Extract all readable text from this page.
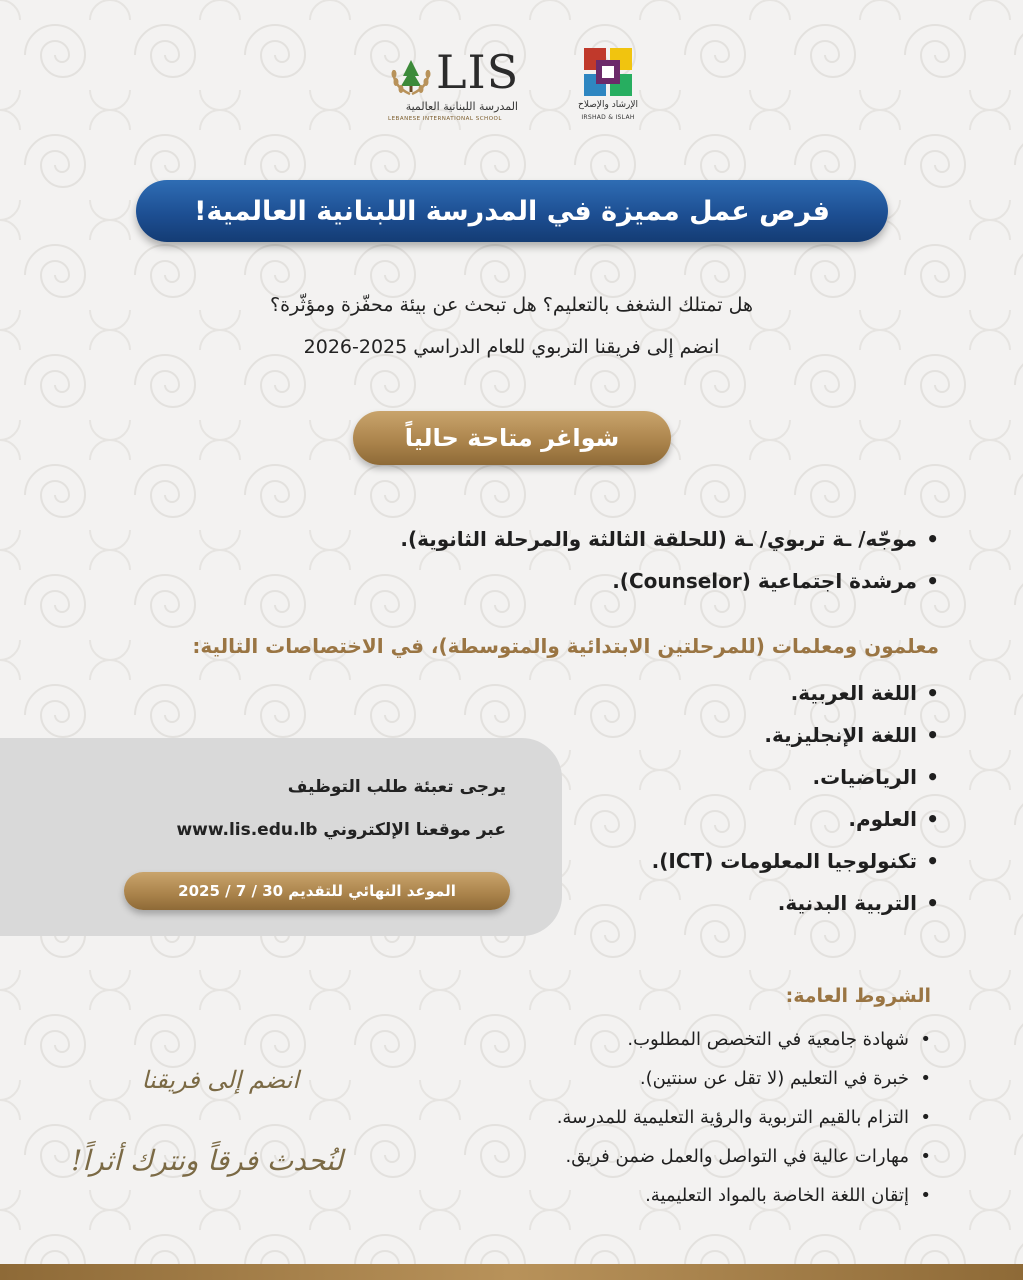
LIS
المدرسة اللبنانية العالمية
LEBANESE INTERNATIONAL SCHOOL
الإرشاد والإصلاح
IRSHAD & ISLAH
فرص عمل مميزة في المدرسة اللبنانية العالمية!
هل تمتلك الشغف بالتعليم؟ هل تبحث عن بيئة محفّزة ومؤثّرة؟
انضم إلى فريقنا التربوي للعام الدراسي 2025-2026
شواغر متاحة حالياً
• موجّه/ ـة تربوي/ ـة (للحلقة الثالثة والمرحلة الثانوية).
• مرشدة اجتماعية (Counselor).
معلمون ومعلمات (للمرحلتين الابتدائية والمتوسطة)، في الاختصاصات التالية:
• اللغة العربية.
• اللغة الإنجليزية.
• الرياضيات.
• العلوم.
• تكنولوجيا المعلومات (ICT).
• التربية البدنية.
يرجى تعبئة طلب التوظيف
عبر موقعنا الإلكتروني www.lis.edu.lb
الموعد النهائي للتقديم 30 / 7 / 2025
الشروط العامة:
• شهادة جامعية في التخصص المطلوب.
• خبرة في التعليم (لا تقل عن سنتين).
• التزام بالقيم التربوية والرؤية التعليمية للمدرسة.
• مهارات عالية في التواصل والعمل ضمن فريق.
• إتقان اللغة الخاصة بالمواد التعليمية.
انضم إلى فريقنا
لنُحدث فرقاً ونترك أثراً!
